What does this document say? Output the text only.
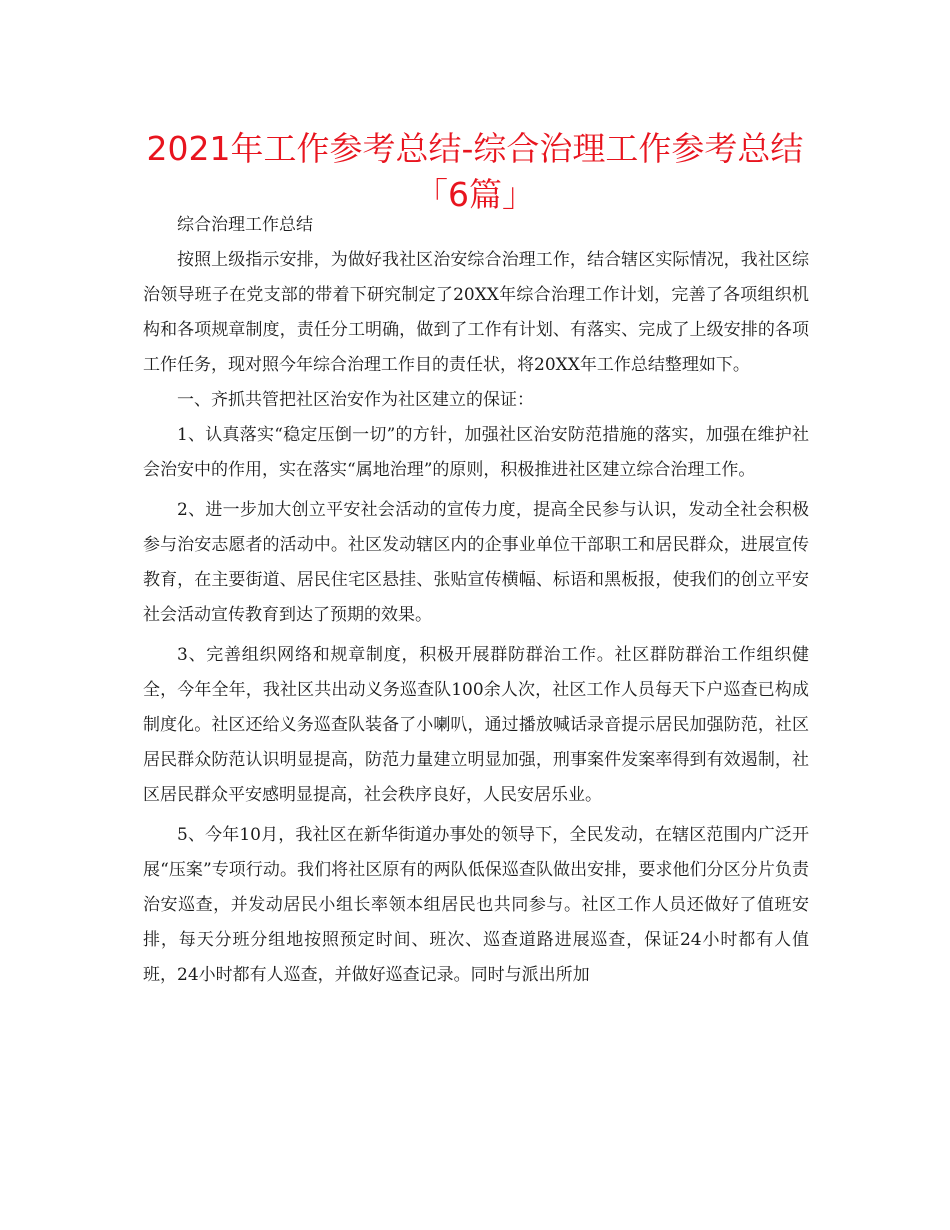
2021年工作参考总结-综合治理工作参考总结
「6篇」

综合治理工作总结

按照上级指示安排，为做好我社区治安综合治理工作，结合辖区实际情况，我社区综治领导班子在党支部的带着下研究制定了20XX年综合治理工作计划，完善了各项组织机构和各项规章制度，责任分工明确，做到了工作有计划、有落实、完成了上级安排的各项工作任务，现对照今年综合治理工作目的责任状，将20XX年工作总结整理如下。

一、齐抓共管把社区治安作为社区建立的保证：

1、认真落实“稳定压倒一切”的方针，加强社区治安防范措施的落实，加强在维护社会治安中的作用，实在落实“属地治理”的原则，积极推进社区建立综合治理工作。

2、进一步加大创立平安社会活动的宣传力度，提高全民参与认识，发动全社会积极参与治安志愿者的活动中。社区发动辖区内的企事业单位干部职工和居民群众，进展宣传教育，在主要街道、居民住宅区悬挂、张贴宣传横幅、标语和黑板报，使我们的创立平安社会活动宣传教育到达了预期的效果。

3、完善组织网络和规章制度，积极开展群防群治工作。社区群防群治工作组织健全，今年全年，我社区共出动义务巡查队100余人次，社区工作人员每天下户巡查已构成制度化。社区还给义务巡查队装备了小喇叭，通过播放喊话录音提示居民加强防范，社区居民群众防范认识明显提高，防范力量建立明显加强，刑事案件发案率得到有效遏制，社区居民群众平安感明显提高，社会秩序良好，人民安居乐业。

5、今年10月，我社区在新华街道办事处的领导下，全民发动，在辖区范围内广泛开展“压案”专项行动。我们将社区原有的两队低保巡查队做出安排，要求他们分区分片负责治安巡查，并发动居民小组长率领本组居民也共同参与。社区工作人员还做好了值班安排，每天分班分组地按照预定时间、班次、巡查道路进展巡查，保证24小时都有人值班，24小时都有人巡查，并做好巡查记录。同时与派出所加
